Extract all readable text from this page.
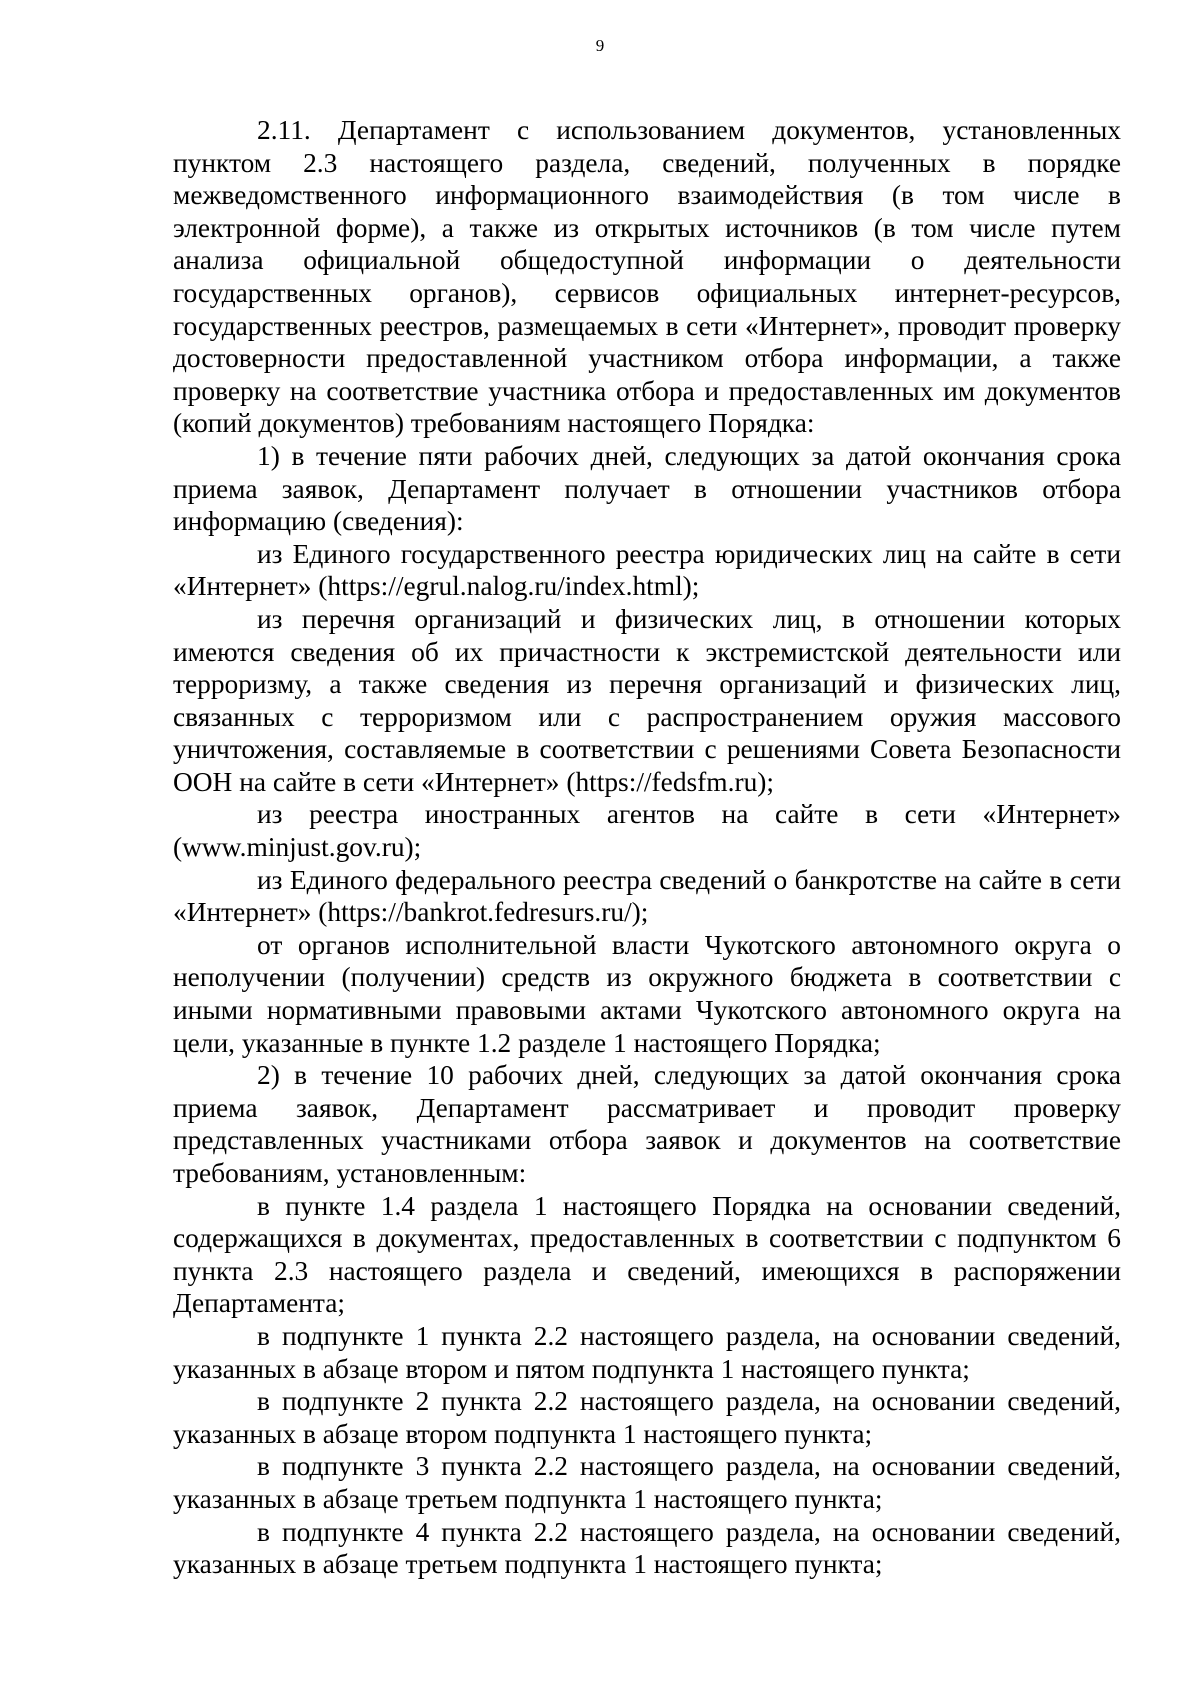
9

2.11. Департамент с использованием документов, установленных пунктом 2.3 настоящего раздела, сведений, полученных в порядке межведомственного информационного взаимодействия (в том числе в электронной форме), а также из открытых источников (в том числе путем анализа официальной общедоступной информации о деятельности государственных органов), сервисов официальных интернет-ресурсов, государственных реестров, размещаемых в сети «Интернет», проводит проверку достоверности предоставленной участником отбора информации, а также проверку на соответствие участника отбора и предоставленных им документов (копий документов) требованиям настоящего Порядка:

1) в течение пяти рабочих дней, следующих за датой окончания срока приема заявок, Департамент получает в отношении участников отбора информацию (сведения):

из Единого государственного реестра юридических лиц на сайте в сети «Интернет» (https://egrul.nalog.ru/index.html);

из перечня организаций и физических лиц, в отношении которых имеются сведения об их причастности к экстремистской деятельности или терроризму, а также сведения из перечня организаций и физических лиц, связанных с терроризмом или с распространением оружия массового уничтожения, составляемые в соответствии с решениями Совета Безопасности ООН на сайте в сети «Интернет» (https://fedsfm.ru);

из реестра иностранных агентов на сайте в сети «Интернет» (www.minjust.gov.ru);

из Единого федерального реестра сведений о банкротстве на сайте в сети «Интернет» (https://bankrot.fedresurs.ru/);

от органов исполнительной власти Чукотского автономного округа о неполучении (получении) средств из окружного бюджета в соответствии с иными нормативными правовыми актами Чукотского автономного округа на цели, указанные в пункте 1.2 разделе 1 настоящего Порядка;

2) в течение 10 рабочих дней, следующих за датой окончания срока приема заявок, Департамент рассматривает и проводит проверку представленных участниками отбора заявок и документов на соответствие требованиям, установленным:

в пункте 1.4 раздела 1 настоящего Порядка на основании сведений, содержащихся в документах, предоставленных в соответствии с подпунктом 6 пункта 2.3 настоящего раздела и сведений, имеющихся в распоряжении Департамента;

в подпункте 1 пункта 2.2 настоящего раздела, на основании сведений, указанных в абзаце втором и пятом подпункта 1 настоящего пункта;

в подпункте 2 пункта 2.2 настоящего раздела, на основании сведений, указанных в абзаце втором подпункта 1 настоящего пункта;

в подпункте 3 пункта 2.2 настоящего раздела, на основании сведений, указанных в абзаце третьем подпункта 1 настоящего пункта;

в подпункте 4 пункта 2.2 настоящего раздела, на основании сведений, указанных в абзаце третьем подпункта 1 настоящего пункта;
